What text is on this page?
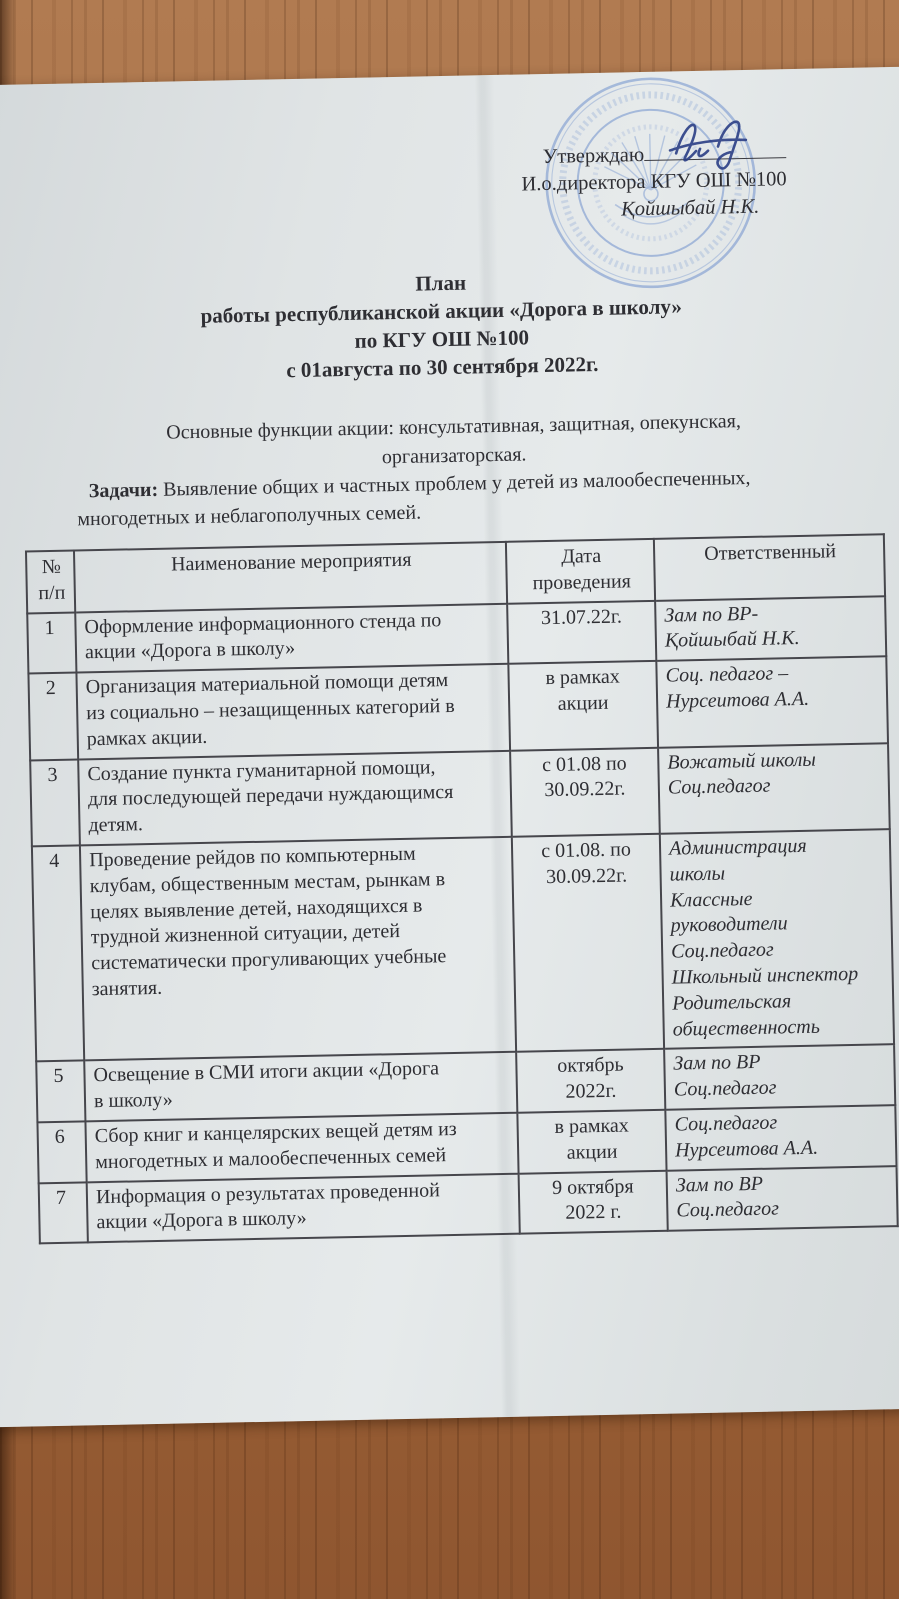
Утверждаю
И.о.директора КГУ ОШ №100
Қойшыбай Н.К.
План
работы республиканской акции «Дорога в школу»
по КГУ ОШ №100
с 01августа по 30 сентября 2022г.

Основные функции акции: консультативная, защитная, опекунская,
организаторская.

Задачи: Выявление общих и частных проблем у детей из малообеспеченных,
многодетных и неблагополучных семей.

№
п/п	Наименование мероприятия	Дата
проведения	Ответственный
1	Оформление информационного стенда по
акции «Дорога в школу»	31.07.22г.	Зам по ВР-
Қойшыбай Н.К.
2	Организация материальной помощи детям
из социально – незащищенных категорий в
рамках акции.	в рамках
акции	Соц. педагог –
Нурсеитова А.А.
3	Создание пункта гуманитарной помощи,
для последующей передачи нуждающимся
детям.	с 01.08 по
30.09.22г.	Вожатый школы
Соц.педагог
4	Проведение рейдов по компьютерным
клубам, общественным местам, рынкам в
целях выявление детей, находящихся в
трудной жизненной ситуации, детей
систематически прогуливающих учебные
занятия.	с 01.08. по
30.09.22г.	Администрация
школы
Классные
руководители
Соц.педагог
Школьный инспектор
Родительская
общественность
5	Освещение в СМИ итоги акции «Дорога
в школу»	октябрь
2022г.	Зам по ВР
Соц.педагог
6	Сбор книг и канцелярских вещей детям из
многодетных и малообеспеченных семей	в рамках
акции	Соц.педагог
Нурсеитова А.А.
7	Информация о результатах проведенной
акции «Дорога в школу»	9 октября
2022 г.	Зам по ВР
Соц.педагог
